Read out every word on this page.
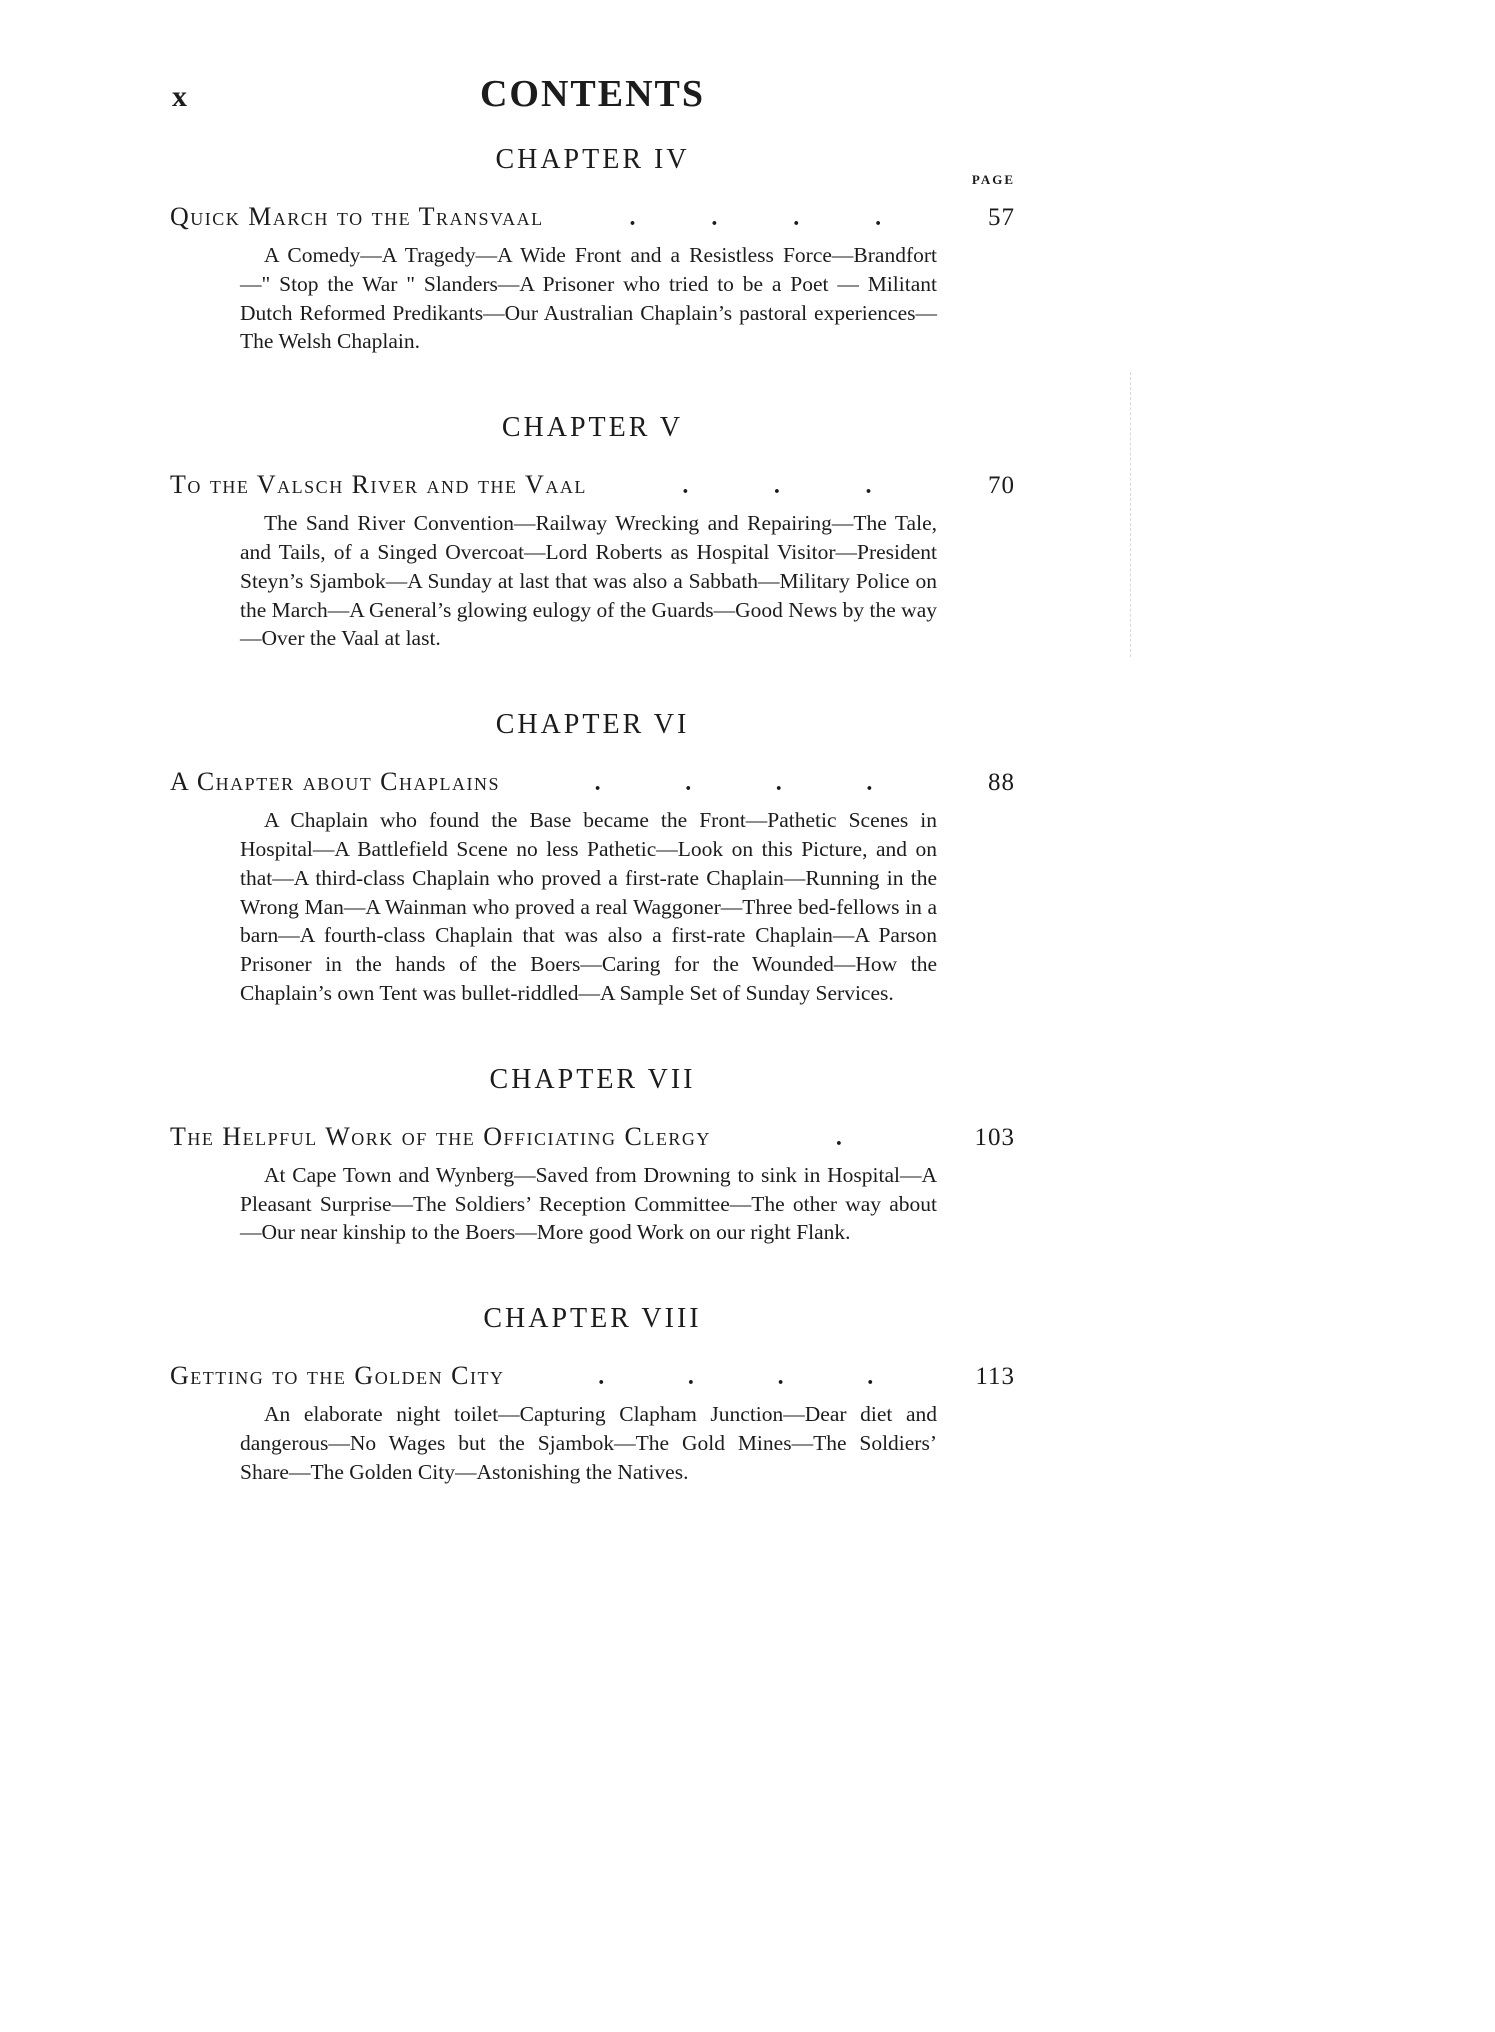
x	CONTENTS
PAGE
CHAPTER IV
Quick March to the Transvaal	.	.	.	.	57

A Comedy—A Tragedy—A Wide Front and a Resistless Force—Brandfort—" Stop the War " Slanders—A Prisoner who tried to be a Poet — Militant Dutch Reformed Predikants—Our Australian Chaplain’s pastoral experiences—The Welsh Chaplain.

CHAPTER V
To the Valsch River and the Vaal	.	.	.	70

The Sand River Convention—Railway Wrecking and Repairing—The Tale, and Tails, of a Singed Overcoat—Lord Roberts as Hospital Visitor—President Steyn’s Sjambok—A Sunday at last that was also a Sabbath—Military Police on the March—A General’s glowing eulogy of the Guards—Good News by the way—Over the Vaal at last.

CHAPTER VI
A Chapter about Chaplains	.	.	.	.	88

A Chaplain who found the Base became the Front—Pathetic Scenes in Hospital—A Battlefield Scene no less Pathetic—Look on this Picture, and on that—A third-class Chaplain who proved a first-rate Chaplain—Running in the Wrong Man—A Wainman who proved a real Waggoner—Three bed-fellows in a barn—A fourth-class Chaplain that was also a first-rate Chaplain—A Parson Prisoner in the hands of the Boers—Caring for the Wounded—How the Chaplain’s own Tent was bullet-riddled—A Sample Set of Sunday Services.

CHAPTER VII
The Helpful Work of the Officiating Clergy	.	103

At Cape Town and Wynberg—Saved from Drowning to sink in Hospital—A Pleasant Surprise—The Soldiers’ Reception Committee—The other way about—Our near kinship to the Boers—More good Work on our right Flank.

CHAPTER VIII
Getting to the Golden City	.	.	.	.	113

An elaborate night toilet—Capturing Clapham Junction—Dear diet and dangerous—No Wages but the Sjambok—The Gold Mines—The Soldiers’ Share—The Golden City—Astonishing the Natives.
